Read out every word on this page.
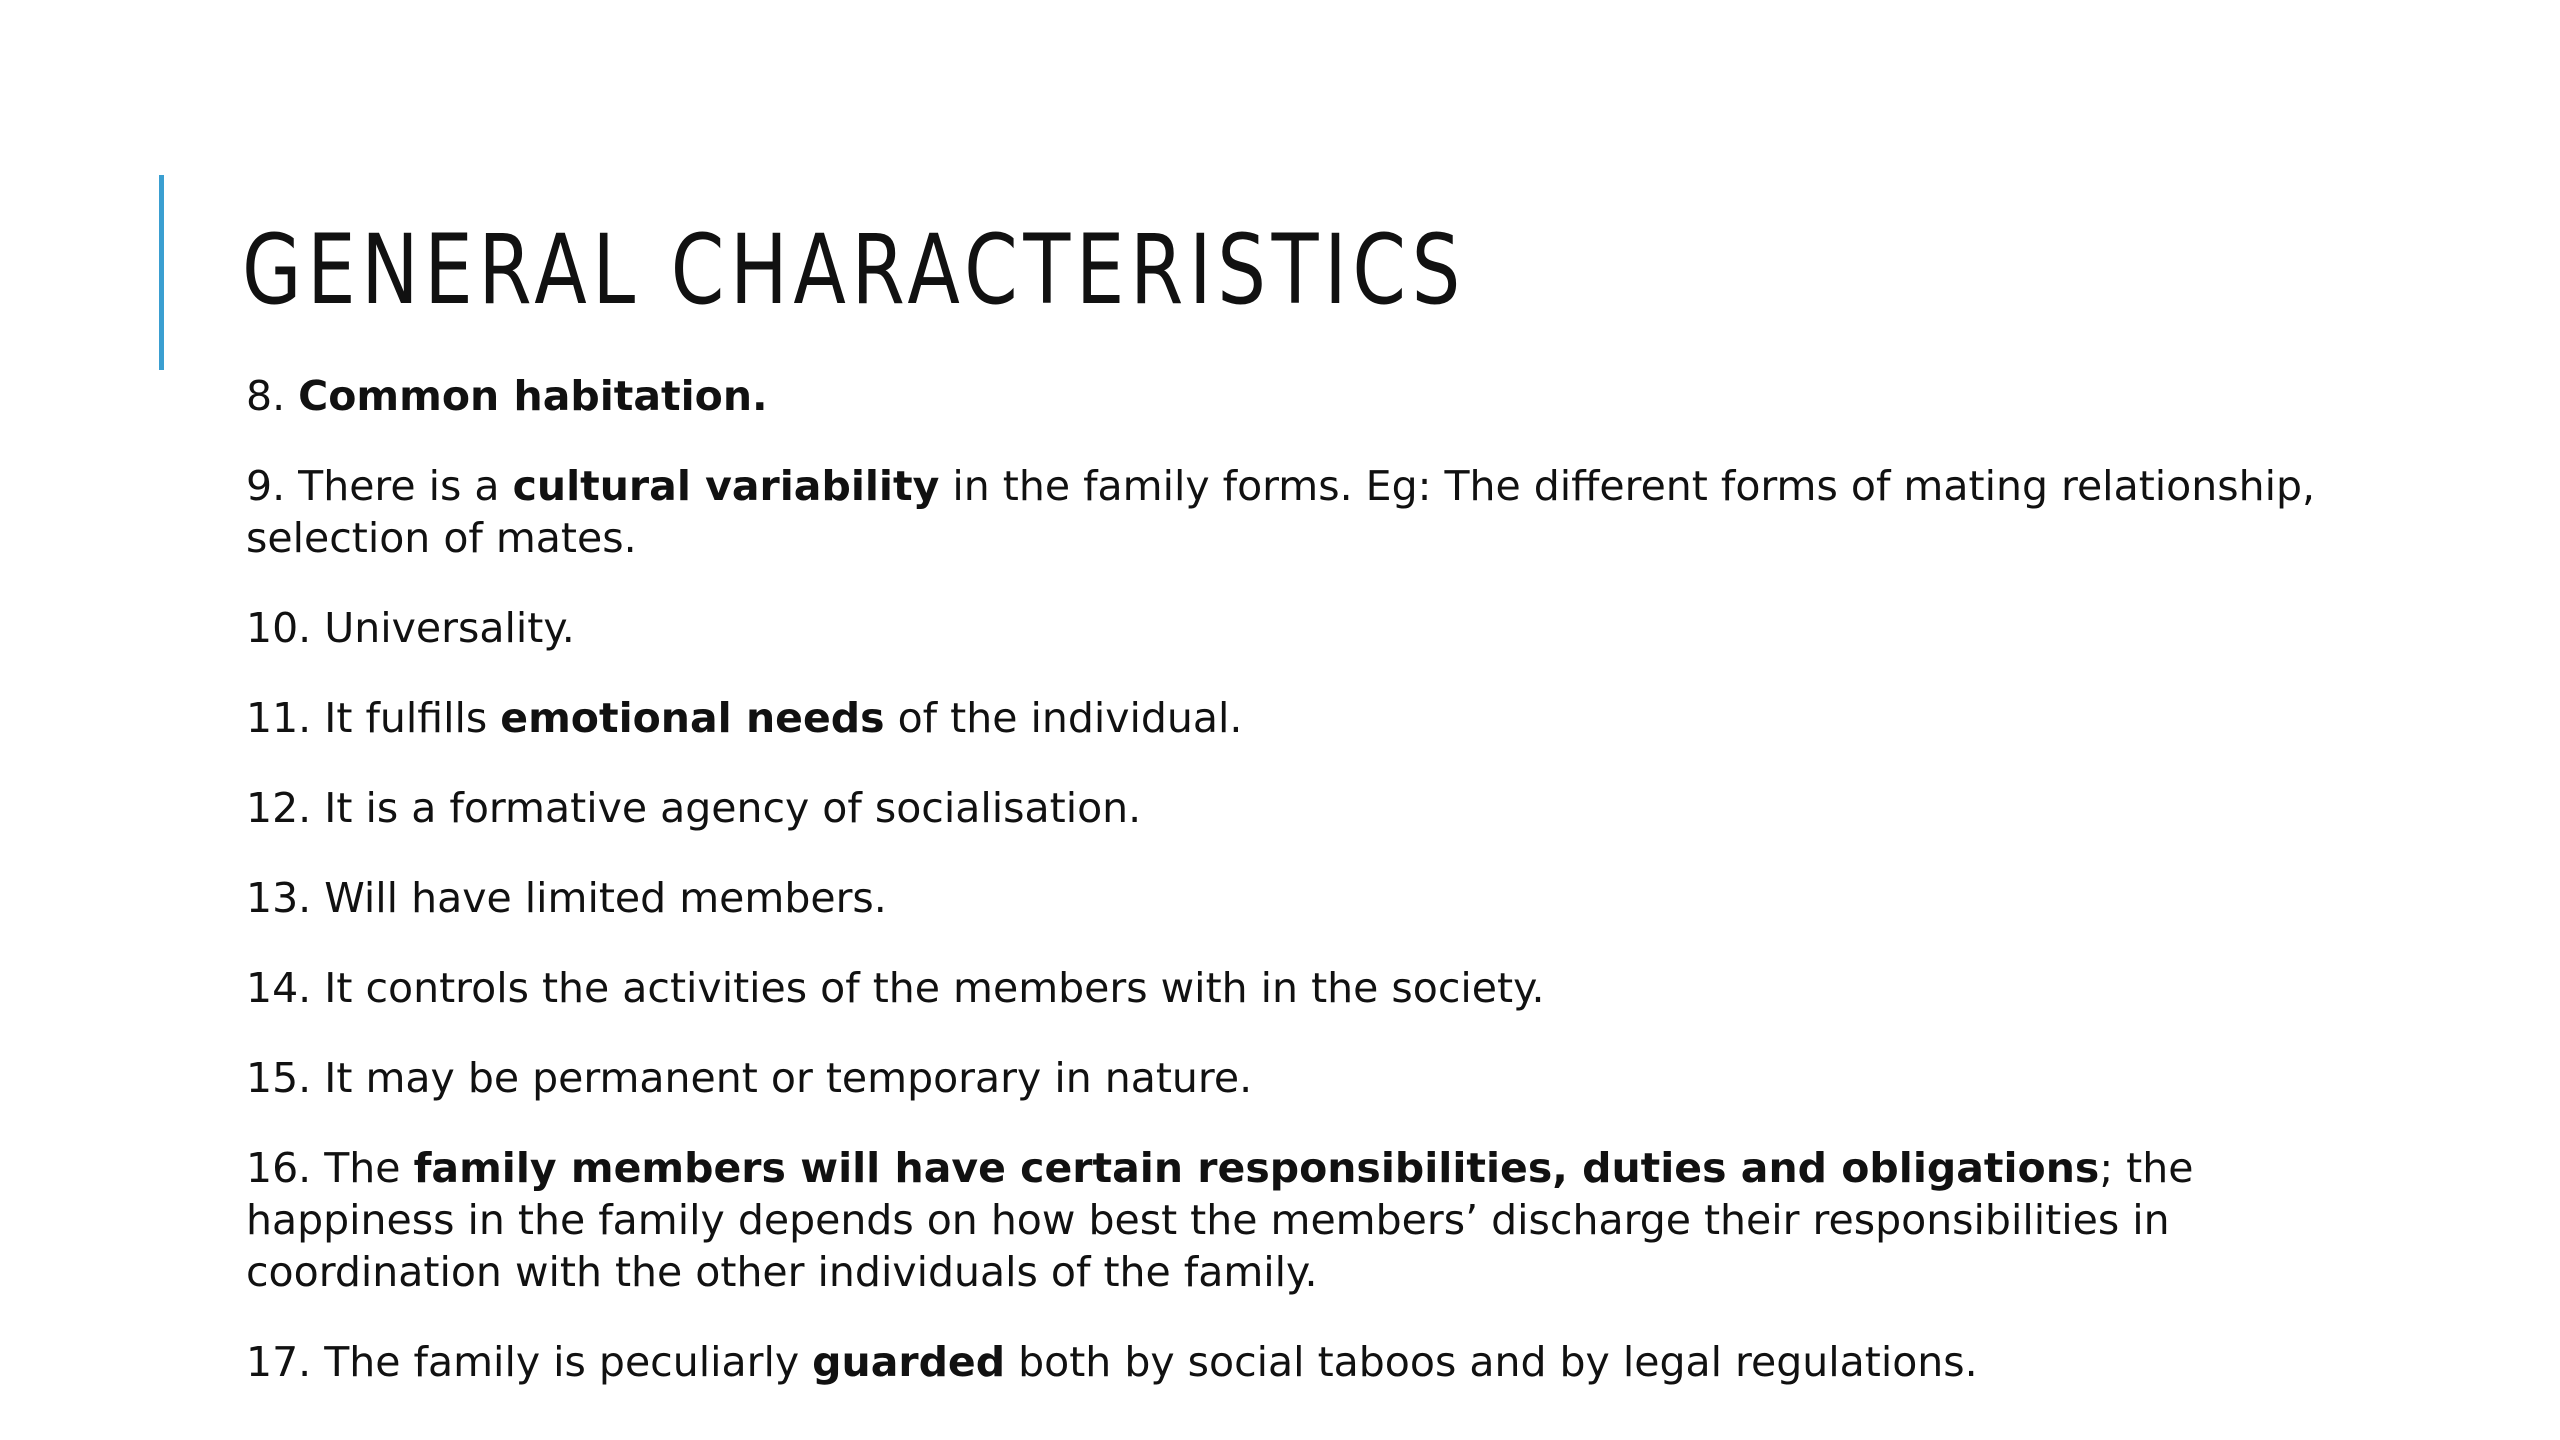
GENERAL CHARACTERISTICS
8. Common habitation.
9. There is a cultural variability in the family forms. Eg: The different forms of mating relationship, selection of mates.
10. Universality.
11. It fulfills emotional needs of the individual.
12. It is a formative agency of socialisation.
13. Will have limited members.
14. It controls the activities of the members with in the society.
15. It may be permanent or temporary in nature.
16. The family members will have certain responsibilities, duties and obligations; the happiness in the family depends on how best the members’ discharge their responsibilities in coordination with the other individuals of the family.
17. The family is peculiarly guarded both by social taboos and by legal regulations.
